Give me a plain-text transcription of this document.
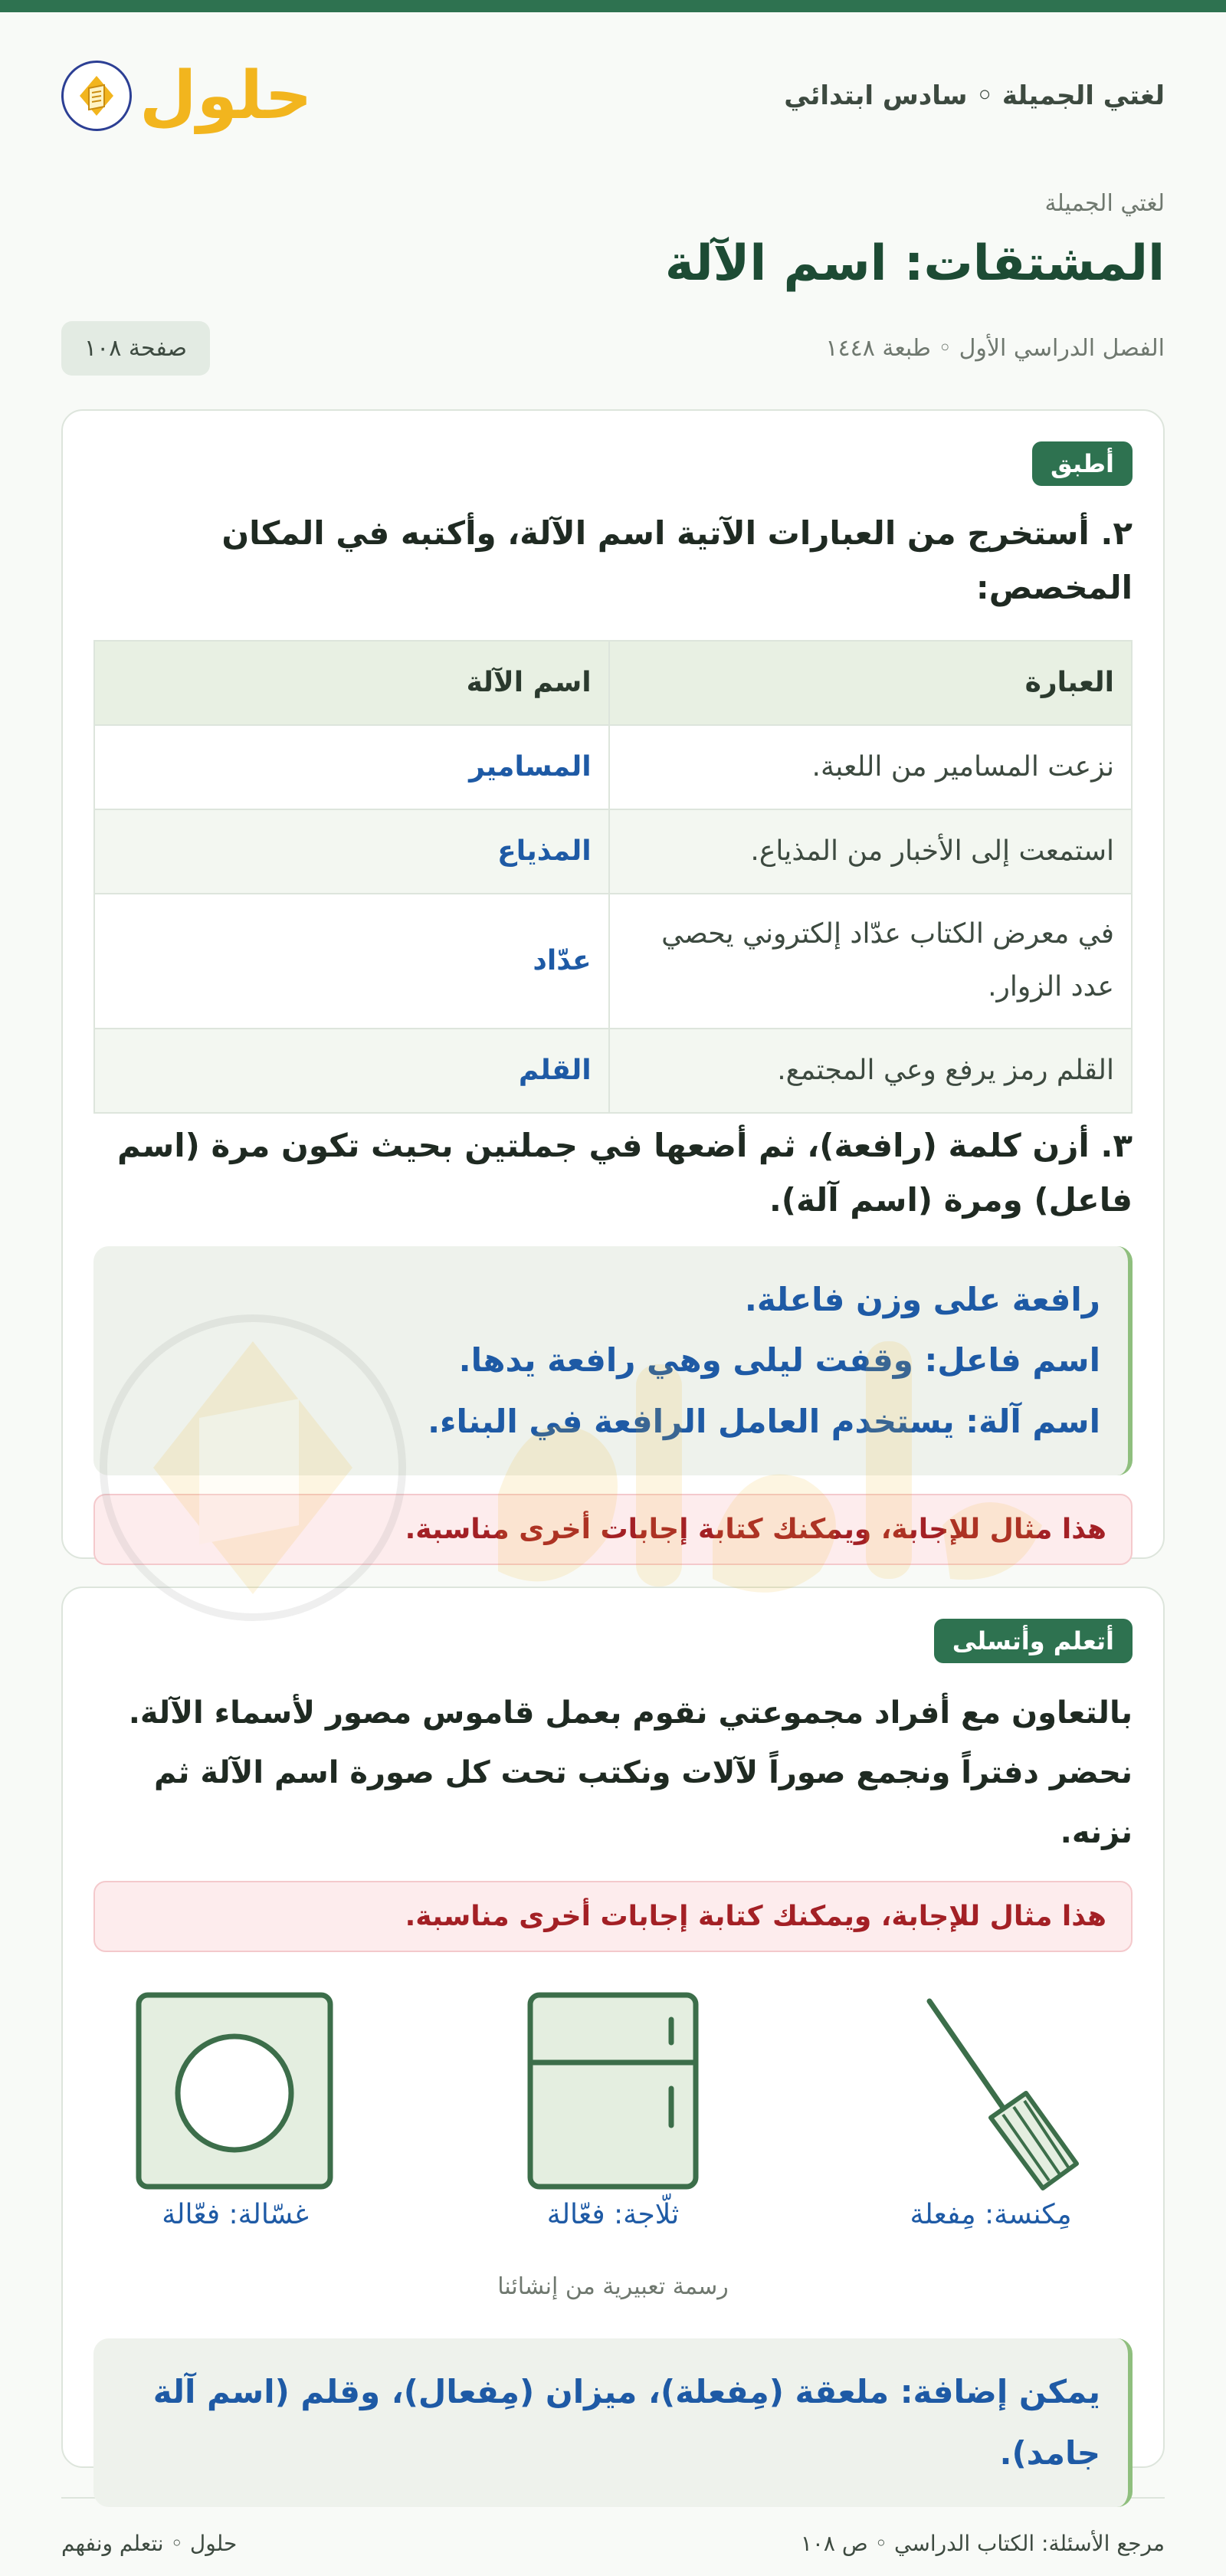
لغتي الجميلة ◦ سادس ابتدائي
حلول
لغتي الجميلة
المشتقات: اسم الآلة
الفصل الدراسي الأول ◦ طبعة ١٤٤٨
صفحة ١٠٨
أطبق
٢. أستخرج من العبارات الآتية اسم الآلة، وأكتبه في المكان المخصص:
العبارة	اسم الآلة
نزعت المسامير من اللعبة.	المسامير
استمعت إلى الأخبار من المذياع.	المذياع
في معرض الكتاب عدّاد إلكتروني يحصي عدد الزوار.	عدّاد
القلم رمز يرفع وعي المجتمع.	القلم
٣. أزن كلمة (رافعة)، ثم أضعها في جملتين بحيث تكون مرة (اسم فاعل) ومرة (اسم آلة).
رافعة على وزن فاعلة.
اسم فاعل: وقفت ليلى وهي رافعة يدها.
اسم آلة: يستخدم العامل الرافعة في البناء.
هذا مثال للإجابة، ويمكنك كتابة إجابات أخرى مناسبة.
أتعلم وأتسلى
بالتعاون مع أفراد مجموعتي نقوم بعمل قاموس مصور لأسماء الآلة.
نحضر دفتراً ونجمع صوراً لآلات ونكتب تحت كل صورة اسم الآلة ثم نزنه.
هذا مثال للإجابة، ويمكنك كتابة إجابات أخرى مناسبة.
مِكنسة: مِفعلة
ثلّاجة: فعّالة
غسّالة: فعّالة
رسمة تعبيرية من إنشائنا
يمكن إضافة: ملعقة (مِفعلة)، ميزان (مِفعال)، وقلم (اسم آلة جامد).
مرجع الأسئلة: الكتاب الدراسي ◦ ص ١٠٨
حلول ◦ نتعلم ونفهم
